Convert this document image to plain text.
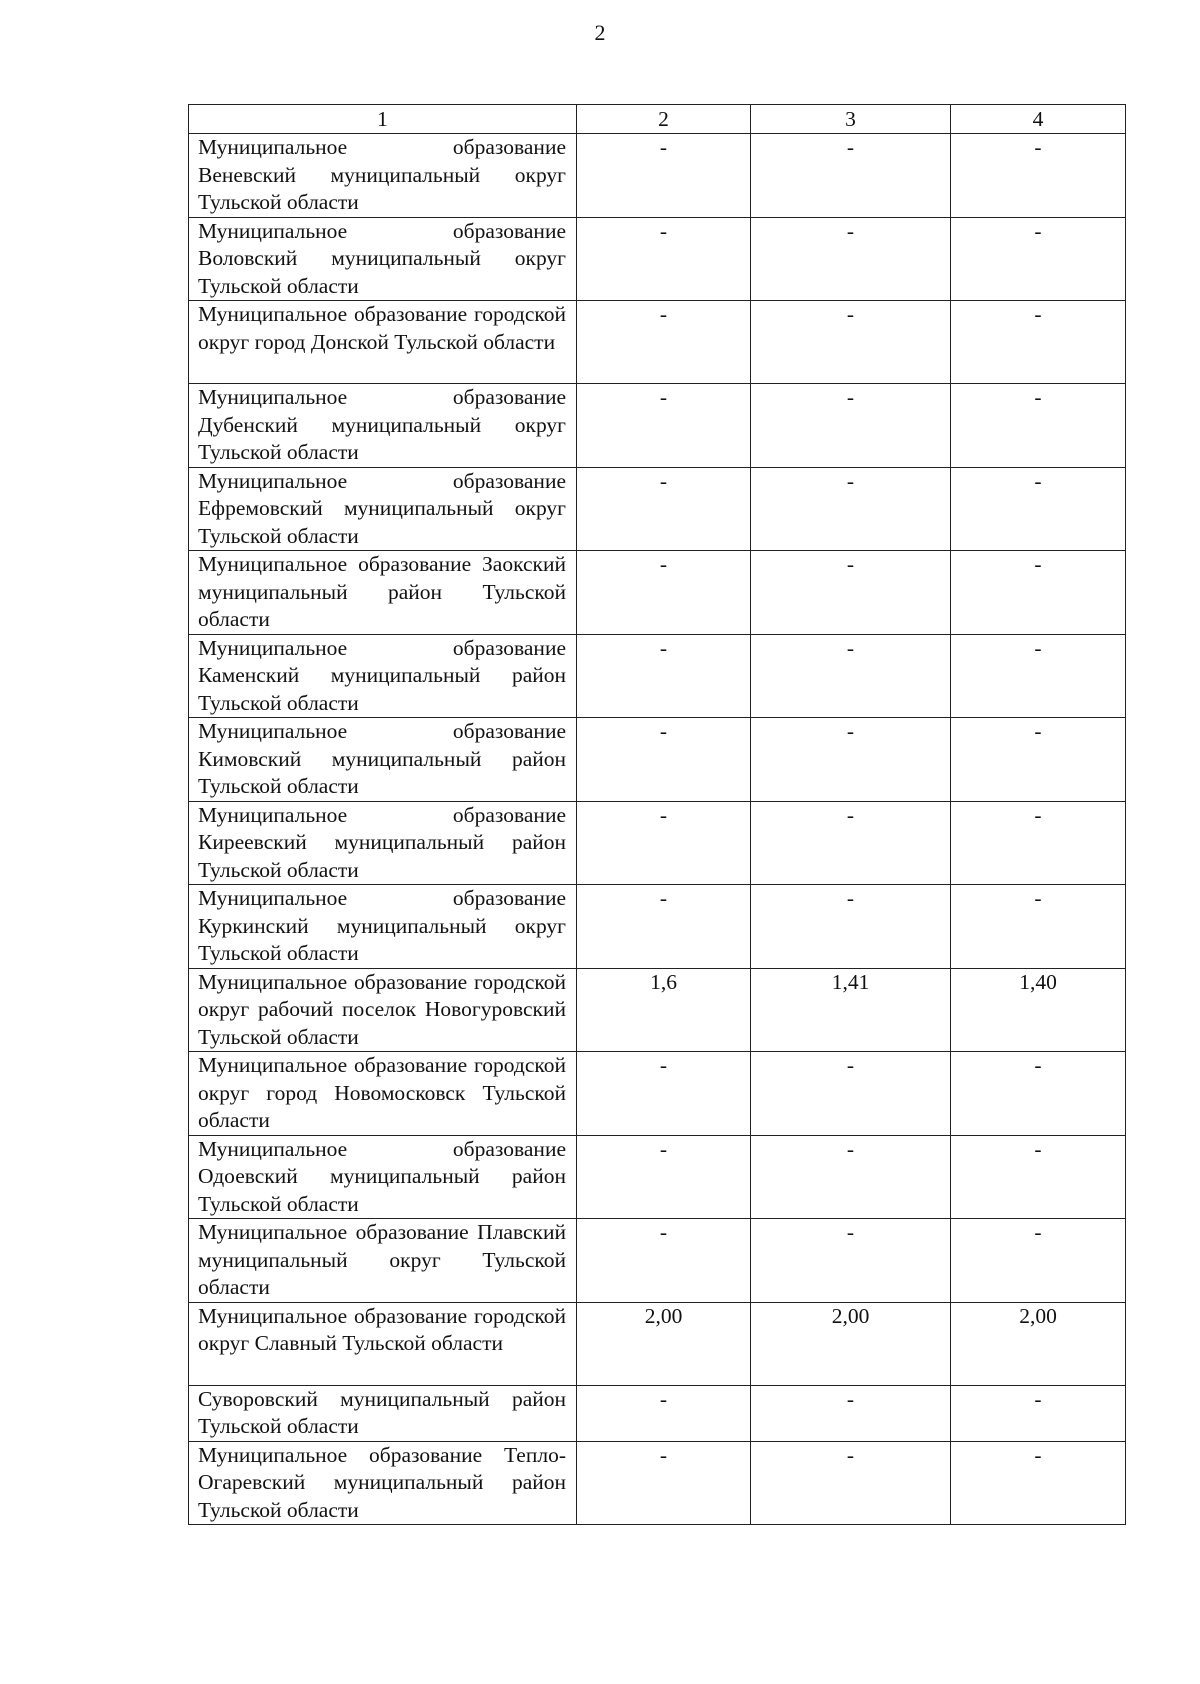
2
1	2	3	4
Муниципальное образование Веневский муниципальный округ Тульской области	-	-	-
Муниципальное образование Воловский муниципальный округ Тульской области	-	-	-
Муниципальное образование городской округ город Донской Тульской области	-	-	-
Муниципальное образование Дубенский муниципальный округ Тульской области	-	-	-
Муниципальное образование Ефремовский муниципальный округ Тульской области	-	-	-
Муниципальное образование Заокский муниципальный район Тульской области	-	-	-
Муниципальное образование Каменский муниципальный район Тульской области	-	-	-
Муниципальное образование Кимовский муниципальный район Тульской области	-	-	-
Муниципальное образование Киреевский муниципальный район Тульской области	-	-	-
Муниципальное образование Куркинский муниципальный округ Тульской области	-	-	-
Муниципальное образование городской округ рабочий поселок Новогуровский Тульской области	1,6	1,41	1,40
Муниципальное образование городской округ город Новомосковск Тульской области	-	-	-
Муниципальное образование Одоевский муниципальный район Тульской области	-	-	-
Муниципальное образование Плавский муниципальный округ Тульской области	-	-	-
Муниципальное образование городской округ Славный Тульской области	2,00	2,00	2,00
Суворовский муниципальный район Тульской области	-	-	-
Муниципальное образование Тепло-Огаревский муниципальный район Тульской области	-	-	-
